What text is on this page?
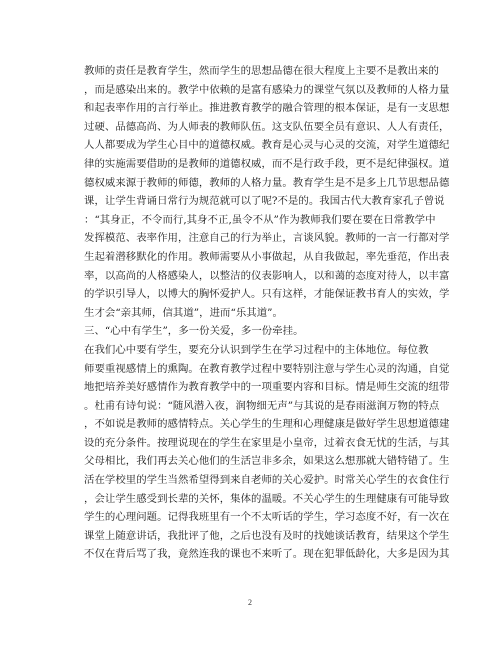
教师的责任是教育学生，然而学生的思想品德在很大程度上主要不是教出来的
，而是感染出来的。教学中依赖的是富有感染力的课堂气氛以及教师的人格力量
和起表率作用的言行举止。推进教育教学的融合管理的根本保证，是有一支思想
过硬、品德高尚、为人师表的教师队伍。这支队伍要全员有意识、人人有责任，
人人都要成为学生心目中的道德权威。教育是心灵与心灵的交流，对学生道德纪
律的实施需要借助的是教师的道德权威，而不是行政手段，更不是纪律强权。道
德权威来源于教师的师德，教师的人格力量。教育学生是不是多上几节思想品德
课，让学生背诵日常行为规范就可以了呢?不是的。我国古代大教育家孔子曾说
：“其身正，不令而行,其身不正,虽令不从”作为教师我们要在要在日常教学中
发挥模范、表率作用，注意自己的行为举止，言谈风貌。教师的一言一行都对学
生起着潜移默化的作用。教师需要从小事做起，从自我做起，率先垂范，作出表
率，以高尚的人格感染人，以整洁的仪表影响人，以和蔼的态度对待人，以丰富
的学识引导人，以博大的胸怀爱护人。只有这样，才能保证教书育人的实效，学
生才会“亲其师，信其道”，进而“乐其道”。
三、“心中有学生”，多一份关爱，多一份牵挂。
在我们心中要有学生，要充分认识到学生在学习过程中的主体地位。每位教
师要重视感情上的熏陶。在教育教学过程中要特别注意与学生心灵的沟通，自觉
地把培养美好感情作为教育教学中的一项重要内容和目标。情是师生交流的纽带
。杜甫有诗句说：“随风潜入夜，润物细无声”与其说的是春雨滋润万物的特点
，不如说是教师的感情特点。关心学生的生理和心理健康是做好学生思想道德建
设的充分条件。按理说现在的学生在家里是小皇帝，过着衣食无忧的生活，与其
父母相比，我们再去关心他们的生活岂非多余，如果这么想那就大错特错了。生
活在学校里的学生当然希望得到来自老师的关心爱护。时常关心学生的衣食住行
，会让学生感受到长辈的关怀，集体的温暖。不关心学生的生理健康有可能导致
学生的心理问题。记得我班里有一个不太听话的学生，学习态度不好，有一次在
课堂上随意讲话，我批评了他，之后也没有及时的找她谈话教育，结果这个学生
不仅在背后骂了我，竟然连我的课也不来听了。现在犯罪低龄化，大多是因为其
2
